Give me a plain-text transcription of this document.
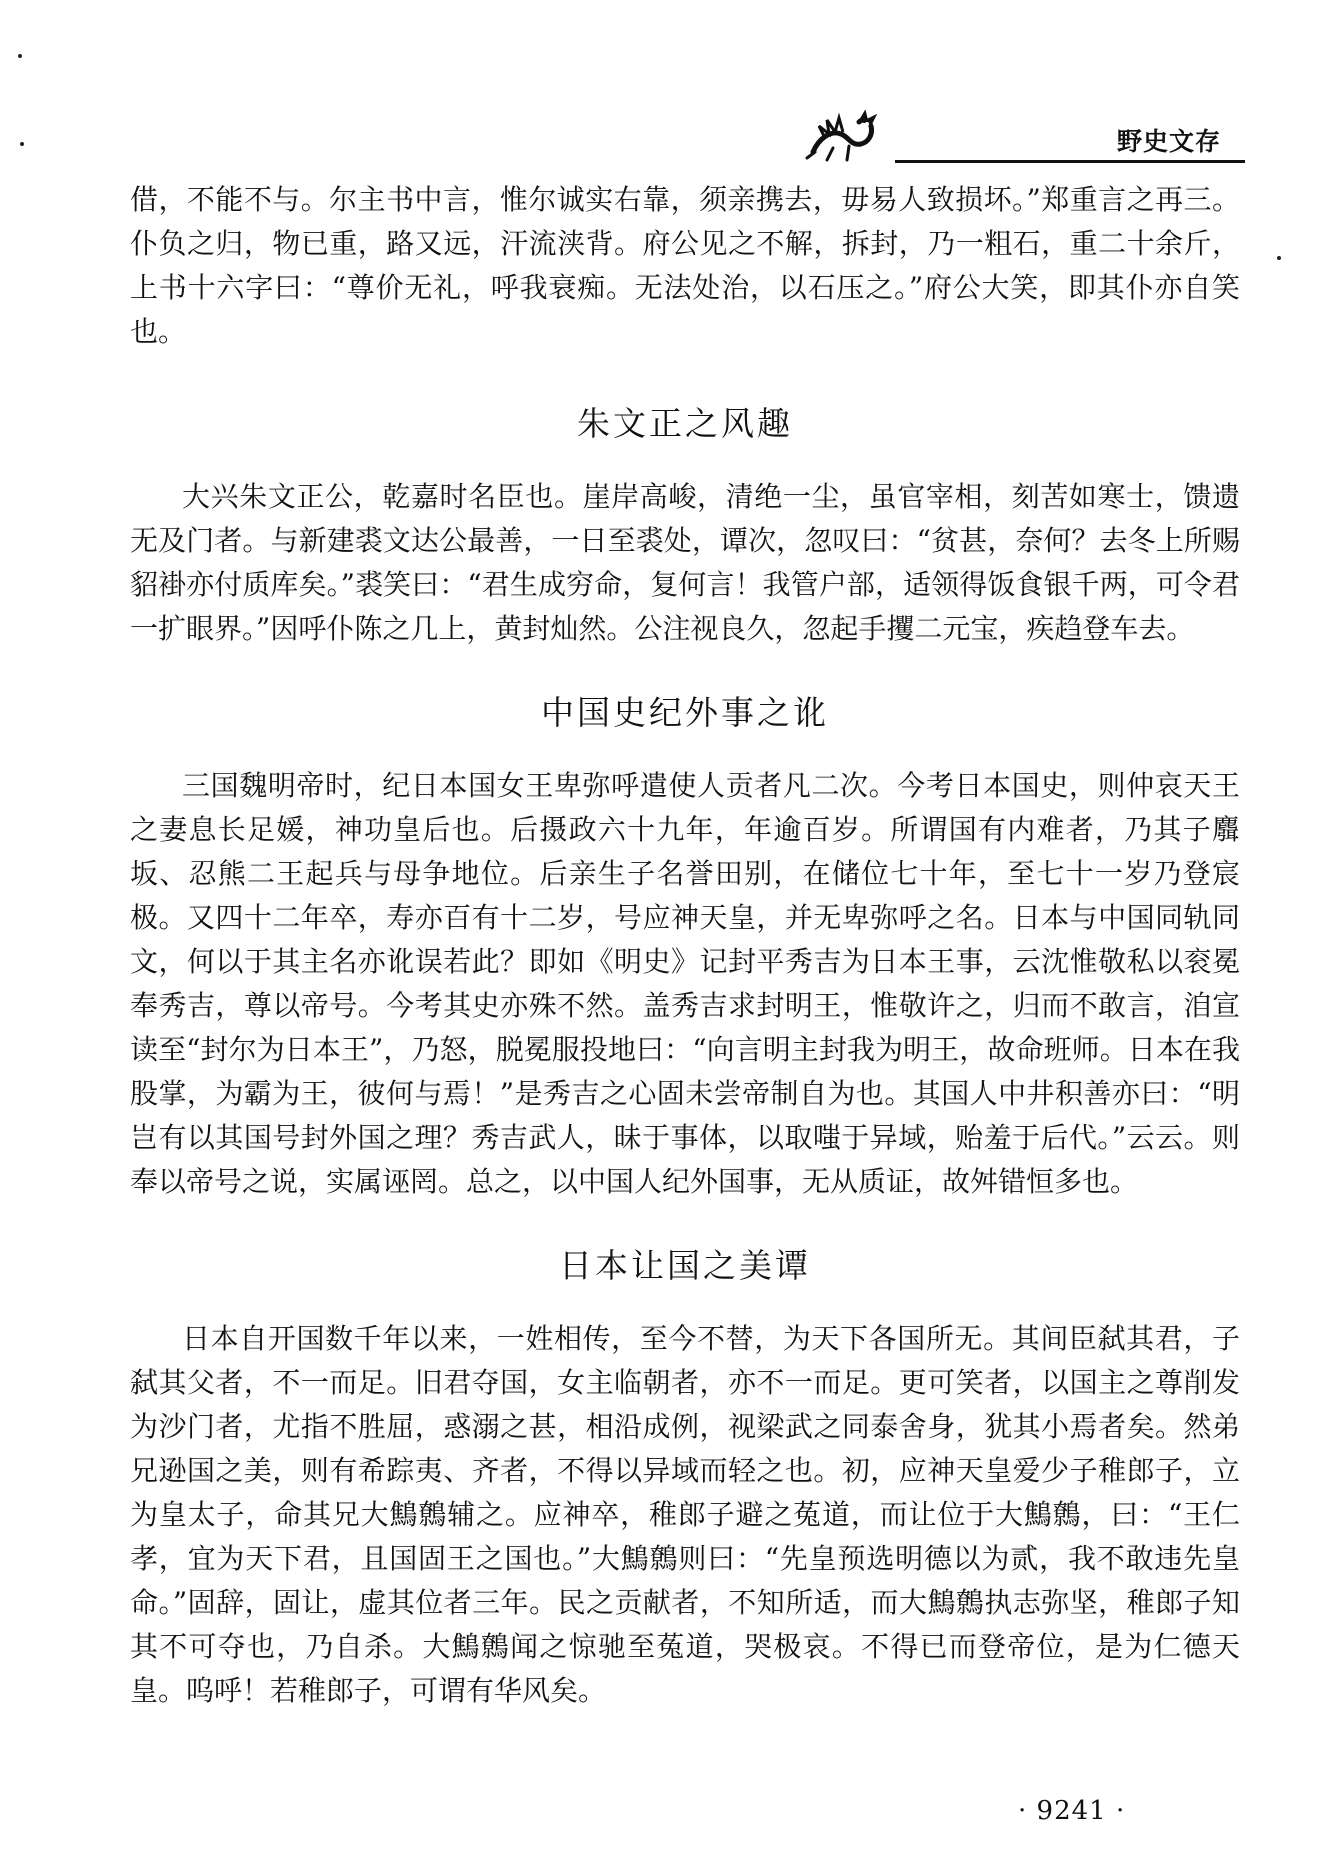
野史文存

借，不能不与。尔主书中言，惟尔诚实右靠，须亲携去，毋易人致损坏。”郑重言之再三。仆负之归，物已重，路又远，汗流浃背。府公见之不解，拆封，乃一粗石，重二十余斤，上书十六字曰：“尊价无礼，呼我衰痴。无法处治，以石压之。”府公大笑，即其仆亦自笑也。

朱文正之风趣

大兴朱文正公，乾嘉时名臣也。崖岸高峻，清绝一尘，虽官宰相，刻苦如寒士，馈遗无及门者。与新建裘文达公最善，一日至裘处，谭次，忽叹曰：“贫甚，奈何？去冬上所赐貂褂亦付质库矣。”裘笑曰：“君生成穷命，复何言！我管户部，适领得饭食银千两，可令君一扩眼界。”因呼仆陈之几上，黄封灿然。公注视良久，忽起手攫二元宝，疾趋登车去。

中国史纪外事之讹

三国魏明帝时，纪日本国女王卑弥呼遣使人贡者凡二次。今考日本国史，则仲哀天王之妻息长足媛，神功皇后也。后摄政六十九年，年逾百岁。所谓国有内难者，乃其子麛坂、忍熊二王起兵与母争地位。后亲生子名誉田别，在储位七十年，至七十一岁乃登宸极。又四十二年卒，寿亦百有十二岁，号应神天皇，并无卑弥呼之名。日本与中国同轨同文，何以于其主名亦讹误若此？即如《明史》记封平秀吉为日本王事，云沈惟敬私以衮冕奉秀吉，尊以帝号。今考其史亦殊不然。盖秀吉求封明王，惟敬许之，归而不敢言，洎宣读至“封尔为日本王”，乃怒，脱冕服投地曰：“向言明主封我为明王，故命班师。日本在我股掌，为霸为王，彼何与焉！”是秀吉之心固未尝帝制自为也。其国人中井积善亦曰：“明岂有以其国号封外国之理？秀吉武人，昧于事体，以取嗤于异域，贻羞于后代。”云云。则奉以帝号之说，实属诬罔。总之，以中国人纪外国事，无从质证，故舛错恒多也。

日本让国之美谭

日本自开国数千年以来，一姓相传，至今不替，为天下各国所无。其间臣弑其君，子弑其父者，不一而足。旧君夺国，女主临朝者，亦不一而足。更可笑者，以国主之尊削发为沙门者，尤指不胜屈，惑溺之甚，相沿成例，视梁武之同泰舍身，犹其小焉者矣。然弟兄逊国之美，则有希踪夷、齐者，不得以异域而轻之也。初，应神天皇爱少子稚郎子，立为皇太子，命其兄大鷦鷯辅之。应神卒，稚郎子避之菟道，而让位于大鷦鷯，曰：“王仁孝，宜为天下君，且国固王之国也。”大鷦鷯则曰：“先皇预选明德以为贰，我不敢违先皇命。”固辞，固让，虚其位者三年。民之贡献者，不知所适，而大鷦鷯执志弥坚，稚郎子知其不可夺也，乃自杀。大鷦鷯闻之惊驰至菟道，哭极哀。不得已而登帝位，是为仁德天皇。呜呼！若稚郎子，可谓有华风矣。

· 9241 ·
